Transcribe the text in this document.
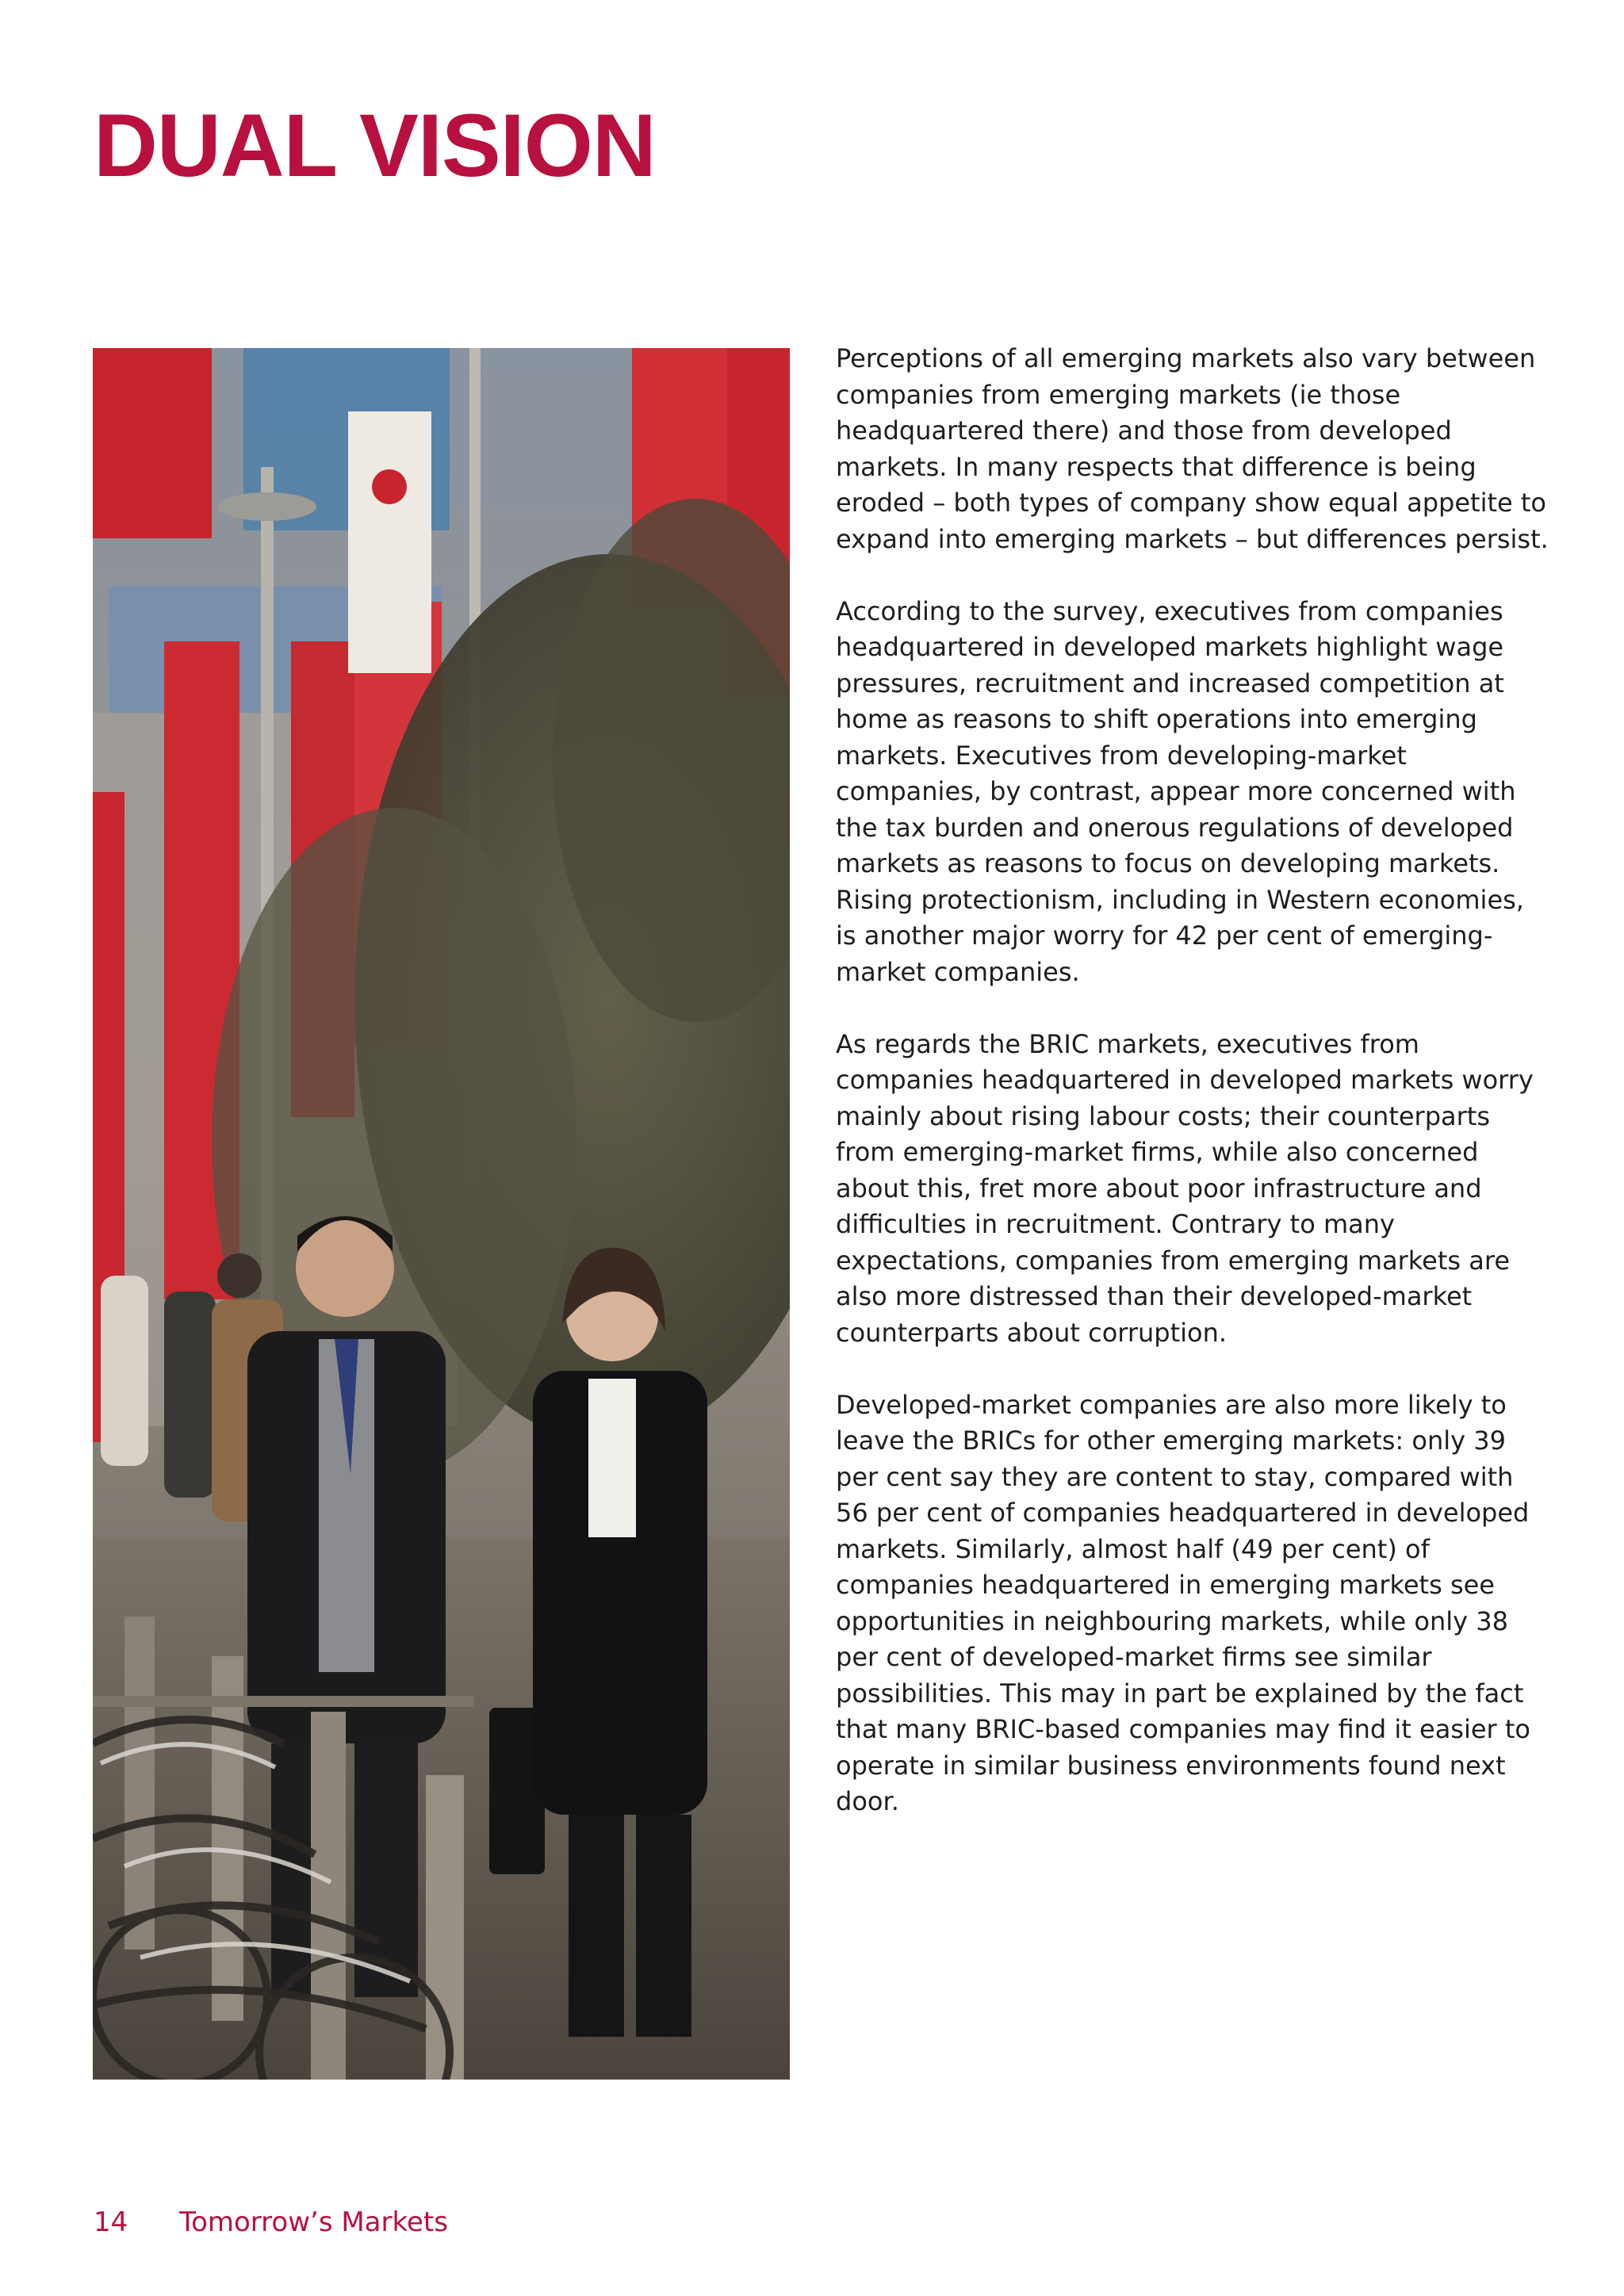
DUAL VISION

Perceptions of all emerging markets also vary between companies from emerging markets (ie those headquartered there) and those from developed markets. In many respects that difference is being eroded – both types of company show equal appetite to expand into emerging markets – but differences persist.

According to the survey, executives from companies headquartered in developed markets highlight wage pressures, recruitment and increased competition at home as reasons to shift operations into emerging markets. Executives from developing-market companies, by contrast, appear more concerned with the tax burden and onerous regulations of developed markets as reasons to focus on developing markets. Rising protectionism, including in Western economies, is another major worry for 42 per cent of emerging-market companies.

As regards the BRIC markets, executives from companies headquartered in developed markets worry mainly about rising labour costs; their counterparts from emerging-market firms, while also concerned about this, fret more about poor infrastructure and difficulties in recruitment. Contrary to many expectations, companies from emerging markets are also more distressed than their developed-market counterparts about corruption.

Developed-market companies are also more likely to leave the BRICs for other emerging markets: only 39 per cent say they are content to stay, compared with 56 per cent of companies headquartered in developed markets. Similarly, almost half (49 per cent) of companies headquartered in emerging markets see opportunities in neighbouring markets, while only 38 per cent of developed-market firms see similar possibilities. This may in part be explained by the fact that many BRIC-based companies may find it easier to operate in similar business environments found next door.

14 Tomorrow’s Markets
